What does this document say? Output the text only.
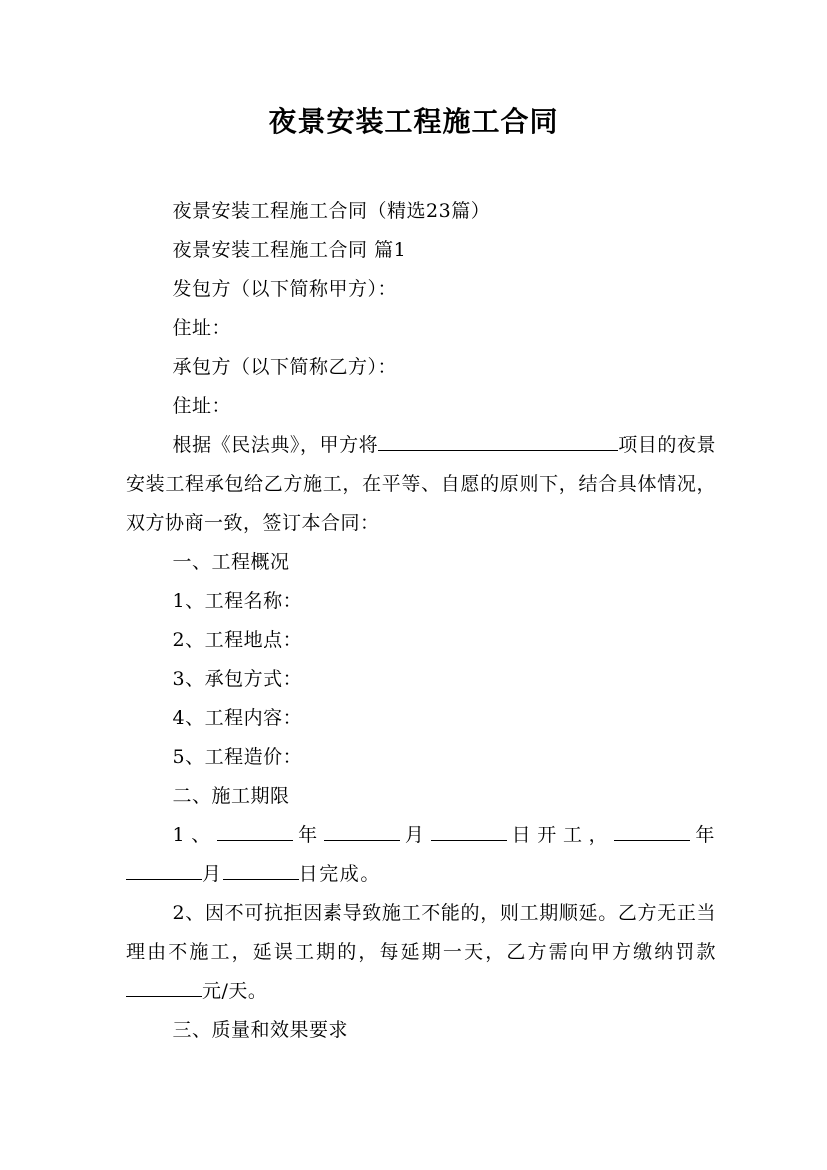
夜景安装工程施工合同

夜景安装工程施工合同（精选23篇）

夜景安装工程施工合同 篇1

发包方（以下简称甲方）：

住址：

承包方（以下简称乙方）：

住址：

根据《民法典》，甲方将	项目的夜景安装工程承包给乙方施工，在平等、自愿的原则下，结合具体情况，双方协商一致，签订本合同：

一、工程概况

1、工程名称：

2、工程地点：

3、承包方式：

4、工程内容：

5、工程造价：

二、施工期限

1、	年	月	日开工，	年月	日完成。

2、因不可抗拒因素导致施工不能的，则工期顺延。乙方无正当理由不施工，延误工期的，每延期一天，乙方需向甲方缴纳罚款元/天。

三、质量和效果要求
